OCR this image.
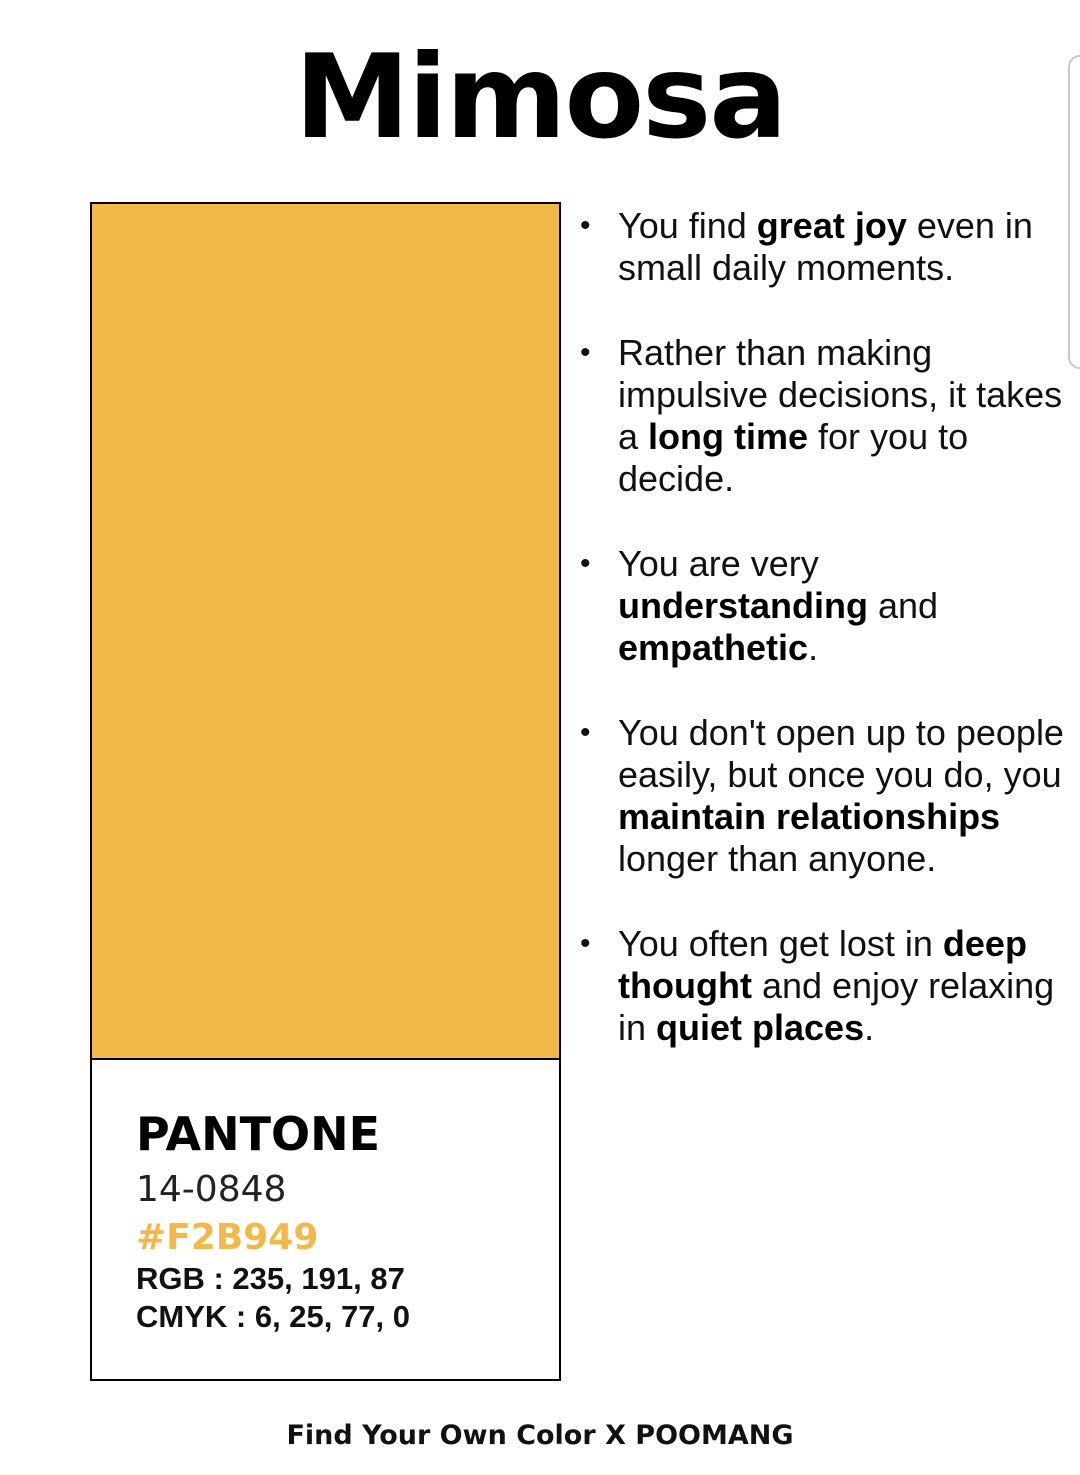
Mimosa
PANTONE
14-0848
#F2B949
RGB : 235, 191, 87
CMYK : 6, 25, 77, 0
• You find great joy even in small daily moments.
• Rather than making impulsive decisions, it takes a long time for you to decide.
• You are very understanding and empathetic.
• You don't open up to people easily, but once you do, you maintain relationships longer than anyone.
• You often get lost in deep thought and enjoy relaxing in quiet places.
Find Your Own Color X POOMANG
